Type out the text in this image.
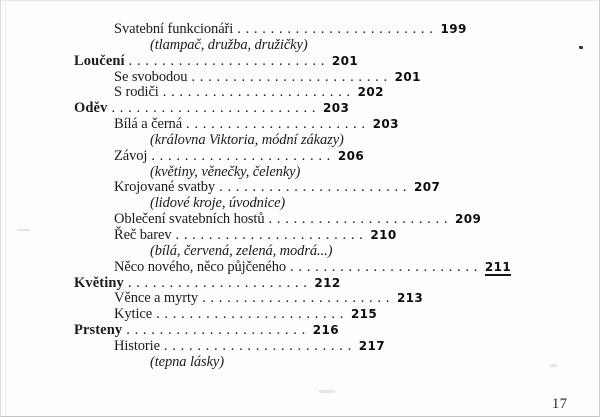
Svatební funkcionáři . . . . . . . . . . . . . . . . . . . . . . . . 199
(tlampač, družba, družičky)
Loučení . . . . . . . . . . . . . . . . . . . . . . . . 201
Se svobodou . . . . . . . . . . . . . . . . . . . . . . . . 201
S rodiči . . . . . . . . . . . . . . . . . . . . . . . 202
Oděv . . . . . . . . . . . . . . . . . . . . . . . . . 203
Bílá a černá . . . . . . . . . . . . . . . . . . . . . . 203
(královna Viktoria, módní zákazy)
Závoj . . . . . . . . . . . . . . . . . . . . . . 206
(květiny, věnečky, čelenky)
Krojované svatby . . . . . . . . . . . . . . . . . . . . . . . 207
(lidové kroje, úvodnice)
Oblečení svatebních hostů . . . . . . . . . . . . . . . . . . . . . . 209
Řeč barev . . . . . . . . . . . . . . . . . . . . . . . 210
(bílá, červená, zelená, modrá...)
Něco nového, něco půjčeného . . . . . . . . . . . . . . . . . . . . . . . 211
Květiny . . . . . . . . . . . . . . . . . . . . . . 212
Věnce a myrty . . . . . . . . . . . . . . . . . . . . . . . 213
Kytice . . . . . . . . . . . . . . . . . . . . . . . 215
Prsteny . . . . . . . . . . . . . . . . . . . . . . 216
Historie . . . . . . . . . . . . . . . . . . . . . . . 217
(tepna lásky)
17
